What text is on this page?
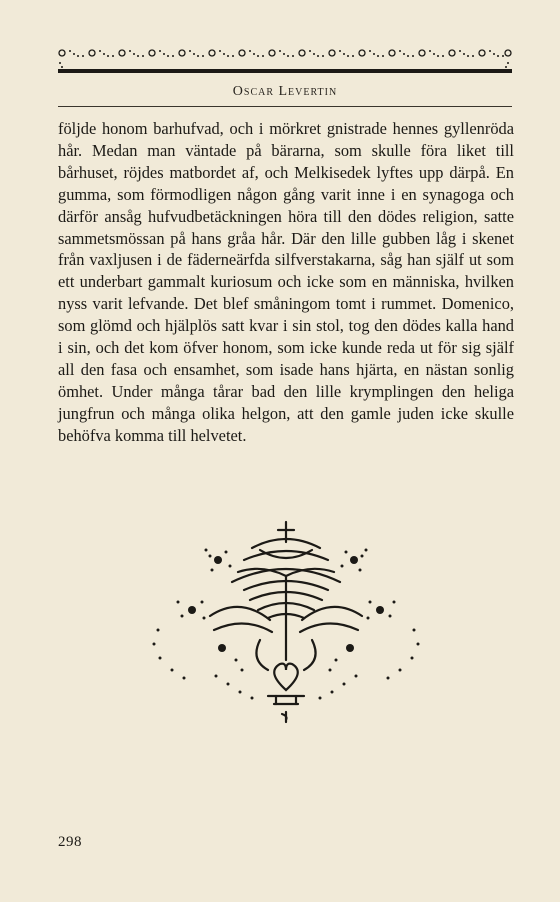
Oscar Levertin

följde honom barhufvad, och i mörkret gnistrade hennes gyllenröda hår. Medan man väntade på bärarna, som skulle föra liket till bårhuset, röjdes matbordet af, och Melkisedek lyftes upp därpå. En gumma, som förmodligen någon gång varit inne i en synagoga och därför ansåg hufvudbetäckningen höra till den dödes religion, satte sammetsmössan på hans gråa hår. Där den lille gubben låg i skenet från vaxljusen i de fäderneärfda silfverstakarna, såg han själf ut som ett underbart gammalt kuriosum och icke som en människa, hvilken nyss varit lefvande. Det blef småningom tomt i rummet. Domenico, som glömd och hjälplös satt kvar i sin stol, tog den dödes kalla hand i sin, och det kom öfver honom, som icke kunde reda ut för sig själf all den fasa och ensamhet, som isade hans hjärta, en nästan sonlig ömhet. Under många tårar bad den lille krymplingen den heliga jungfrun och många olika helgon, att den gamle juden icke skulle behöfva komma till helvetet.

298
